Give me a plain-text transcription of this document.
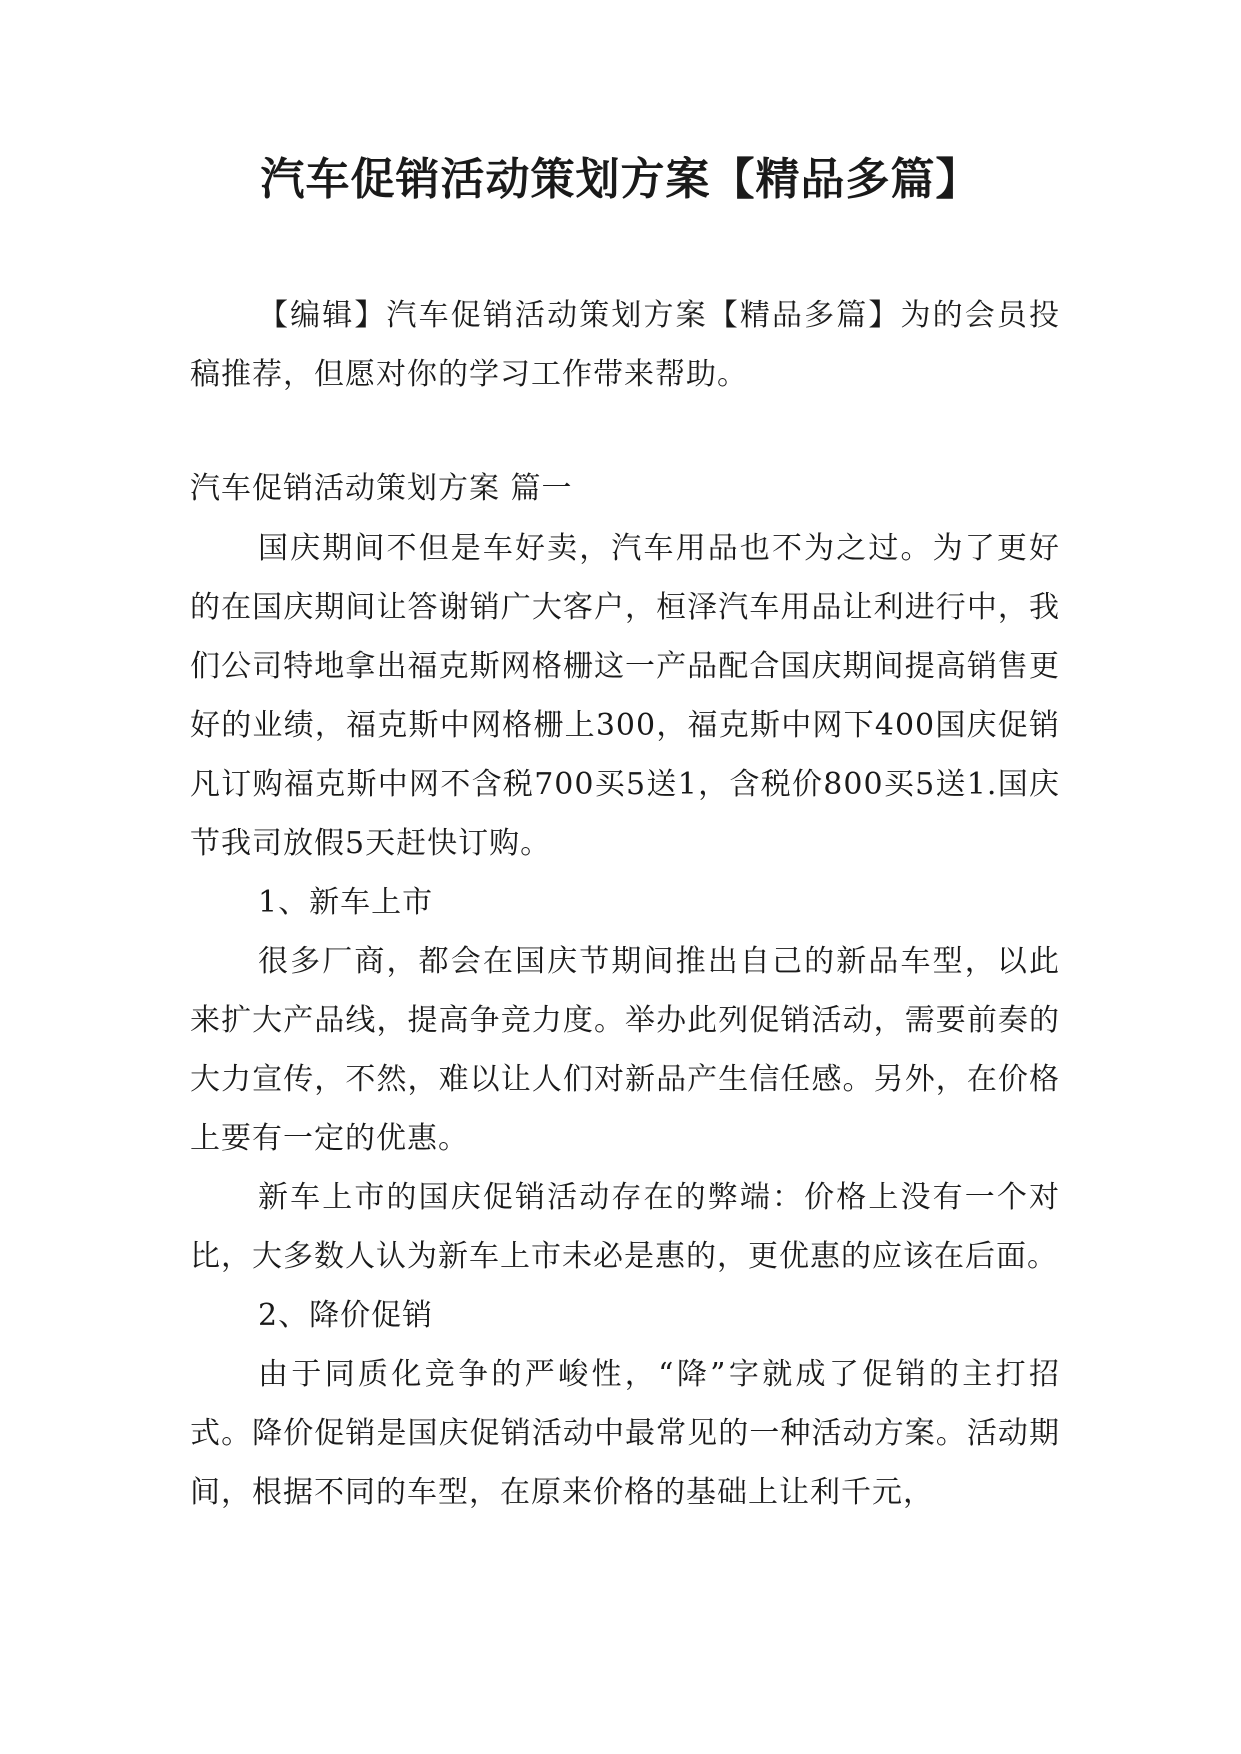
汽车促销活动策划方案【精品多篇】

【编辑】汽车促销活动策划方案【精品多篇】为的会员投稿推荐，但愿对你的学习工作带来帮助。

汽车促销活动策划方案 篇一

国庆期间不但是车好卖，汽车用品也不为之过。为了更好的在国庆期间让答谢销广大客户，桓泽汽车用品让利进行中，我们公司特地拿出福克斯网格栅这一产品配合国庆期间提高销售更好的业绩，福克斯中网格栅上300，福克斯中网下400国庆促销凡订购福克斯中网不含税700买5送1，含税价800买5送1.国庆节我司放假5天赶快订购。

1、新车上市

很多厂商，都会在国庆节期间推出自己的新品车型，以此来扩大产品线，提高争竞力度。举办此列促销活动，需要前奏的大力宣传，不然，难以让人们对新品产生信任感。另外，在价格上要有一定的优惠。

新车上市的国庆促销活动存在的弊端：价格上没有一个对比，大多数人认为新车上市未必是惠的，更优惠的应该在后面。

2、降价促销

由于同质化竞争的严峻性，“降”字就成了促销的主打招式。降价促销是国庆促销活动中最常见的一种活动方案。活动期间，根据不同的车型，在原来价格的基础上让利千元，
